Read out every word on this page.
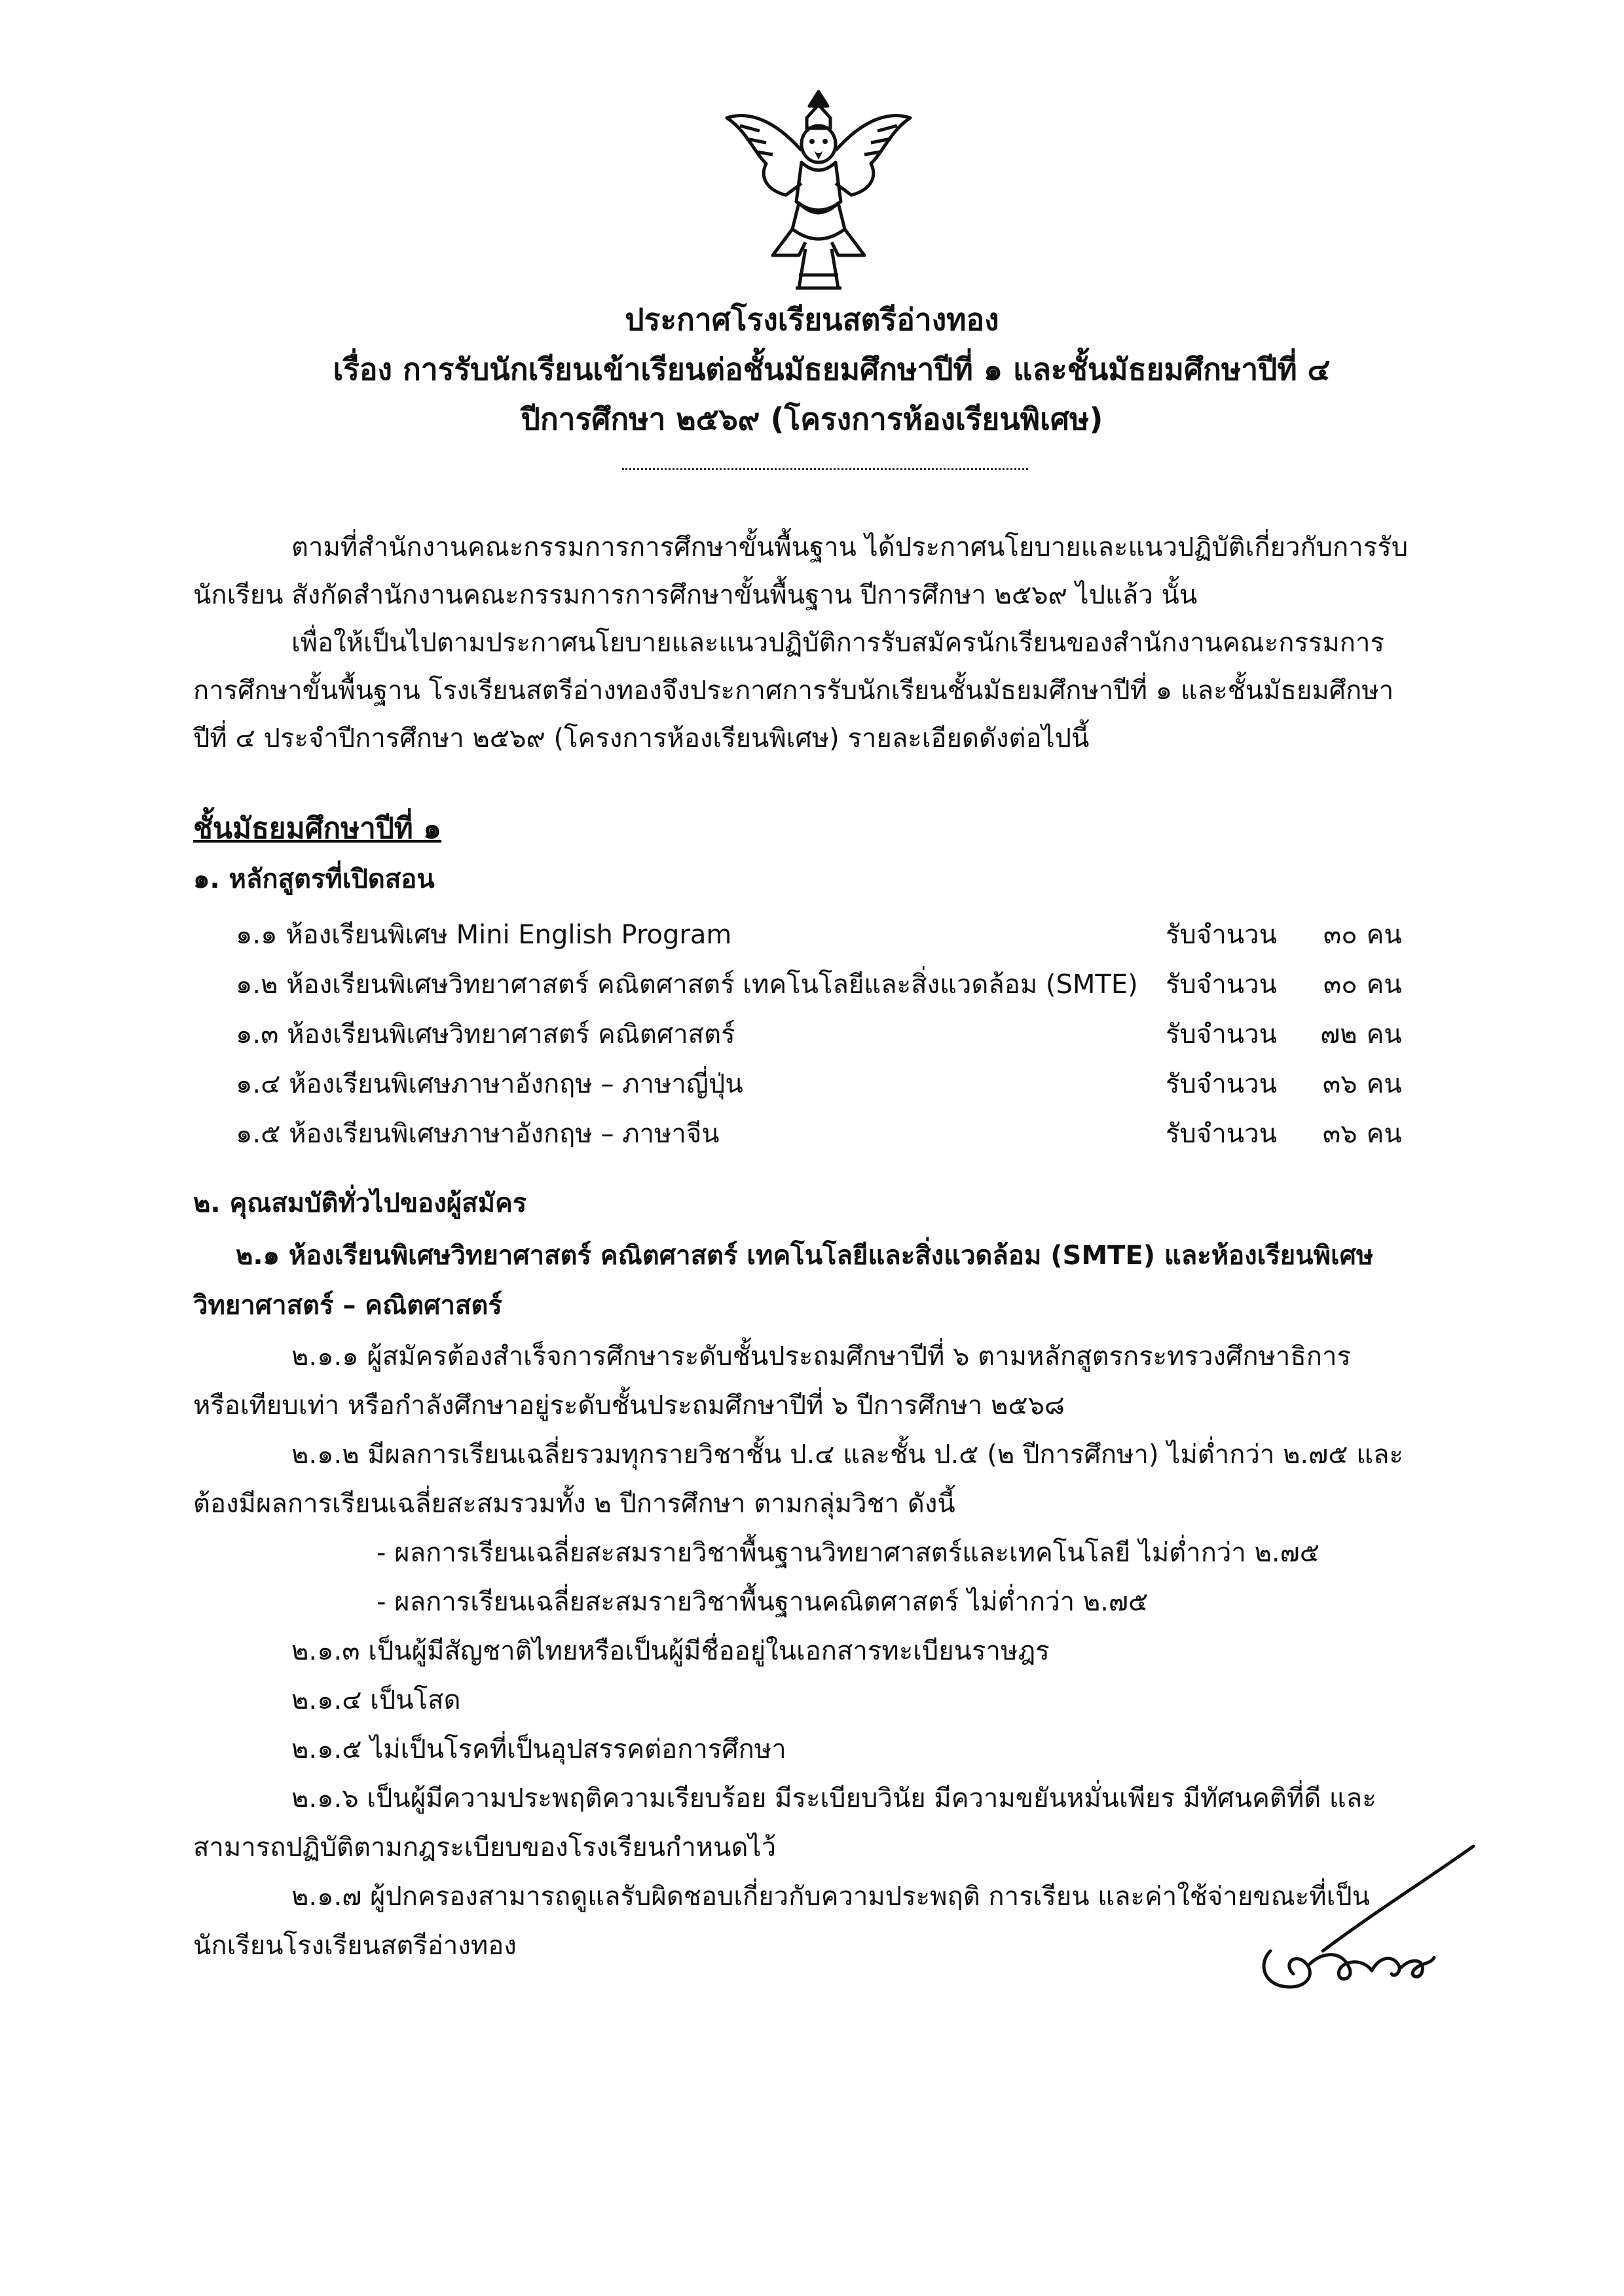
ประกาศโรงเรียนสตรีอ่างทอง
เรื่อง การรับนักเรียนเข้าเรียนต่อชั้นมัธยมศึกษาปีที่ ๑ และชั้นมัธยมศึกษาปีที่ ๔
ปีการศึกษา ๒๕๖๙ (โครงการห้องเรียนพิเศษ)
ตามที่สำนักงานคณะกรรมการการศึกษาขั้นพื้นฐาน ได้ประกาศนโยบายและแนวปฏิบัติเกี่ยวกับการรับ
นักเรียน สังกัดสำนักงานคณะกรรมการการศึกษาขั้นพื้นฐาน ปีการศึกษา ๒๕๖๙ ไปแล้ว นั้น
เพื่อให้เป็นไปตามประกาศนโยบายและแนวปฏิบัติการรับสมัครนักเรียนของสำนักงานคณะกรรมการ
การศึกษาขั้นพื้นฐาน โรงเรียนสตรีอ่างทองจึงประกาศการรับนักเรียนชั้นมัธยมศึกษาปีที่ ๑ และชั้นมัธยมศึกษา
ปีที่ ๔ ประจำปีการศึกษา ๒๕๖๙ (โครงการห้องเรียนพิเศษ) รายละเอียดดังต่อไปนี้
ชั้นมัธยมศึกษาปีที่ ๑
๑. หลักสูตรที่เปิดสอน
๑.๑ ห้องเรียนพิเศษ Mini English Program	รับจำนวน ๓๐ คน
๑.๒ ห้องเรียนพิเศษวิทยาศาสตร์ คณิตศาสตร์ เทคโนโลยีและสิ่งแวดล้อม (SMTE) รับจำนวน ๓๐ คน
๑.๓ ห้องเรียนพิเศษวิทยาศาสตร์ คณิตศาสตร์	รับจำนวน ๗๒ คน
๑.๔ ห้องเรียนพิเศษภาษาอังกฤษ – ภาษาญี่ปุ่น	รับจำนวน ๓๖ คน
๑.๕ ห้องเรียนพิเศษภาษาอังกฤษ – ภาษาจีน	รับจำนวน ๓๖ คน
๒. คุณสมบัติทั่วไปของผู้สมัคร
๒.๑ ห้องเรียนพิเศษวิทยาศาสตร์ คณิตศาสตร์ เทคโนโลยีและสิ่งแวดล้อม (SMTE) และห้องเรียนพิเศษ
วิทยาศาสตร์ – คณิตศาสตร์
๒.๑.๑ ผู้สมัครต้องสำเร็จการศึกษาระดับชั้นประถมศึกษาปีที่ ๖ ตามหลักสูตรกระทรวงศึกษาธิการ
หรือเทียบเท่า หรือกำลังศึกษาอยู่ระดับชั้นประถมศึกษาปีที่ ๖ ปีการศึกษา ๒๕๖๘
๒.๑.๒ มีผลการเรียนเฉลี่ยรวมทุกรายวิชาชั้น ป.๔ และชั้น ป.๕ (๒ ปีการศึกษา) ไม่ต่ำกว่า ๒.๗๕ และ
ต้องมีผลการเรียนเฉลี่ยสะสมรวมทั้ง ๒ ปีการศึกษา ตามกลุ่มวิชา ดังนี้
- ผลการเรียนเฉลี่ยสะสมรายวิชาพื้นฐานวิทยาศาสตร์และเทคโนโลยี ไม่ต่ำกว่า ๒.๗๕
- ผลการเรียนเฉลี่ยสะสมรายวิชาพื้นฐานคณิตศาสตร์ ไม่ต่ำกว่า ๒.๗๕
๒.๑.๓ เป็นผู้มีสัญชาติไทยหรือเป็นผู้มีชื่ออยู่ในเอกสารทะเบียนราษฎร
๒.๑.๔ เป็นโสด
๒.๑.๕ ไม่เป็นโรคที่เป็นอุปสรรคต่อการศึกษา
๒.๑.๖ เป็นผู้มีความประพฤติความเรียบร้อย มีระเบียบวินัย มีความขยันหมั่นเพียร มีทัศนคติที่ดี และ
สามารถปฏิบัติตามกฎระเบียบของโรงเรียนกำหนดไว้
๒.๑.๗ ผู้ปกครองสามารถดูแลรับผิดชอบเกี่ยวกับความประพฤติ การเรียน และค่าใช้จ่ายขณะที่เป็น
นักเรียนโรงเรียนสตรีอ่างทอง
